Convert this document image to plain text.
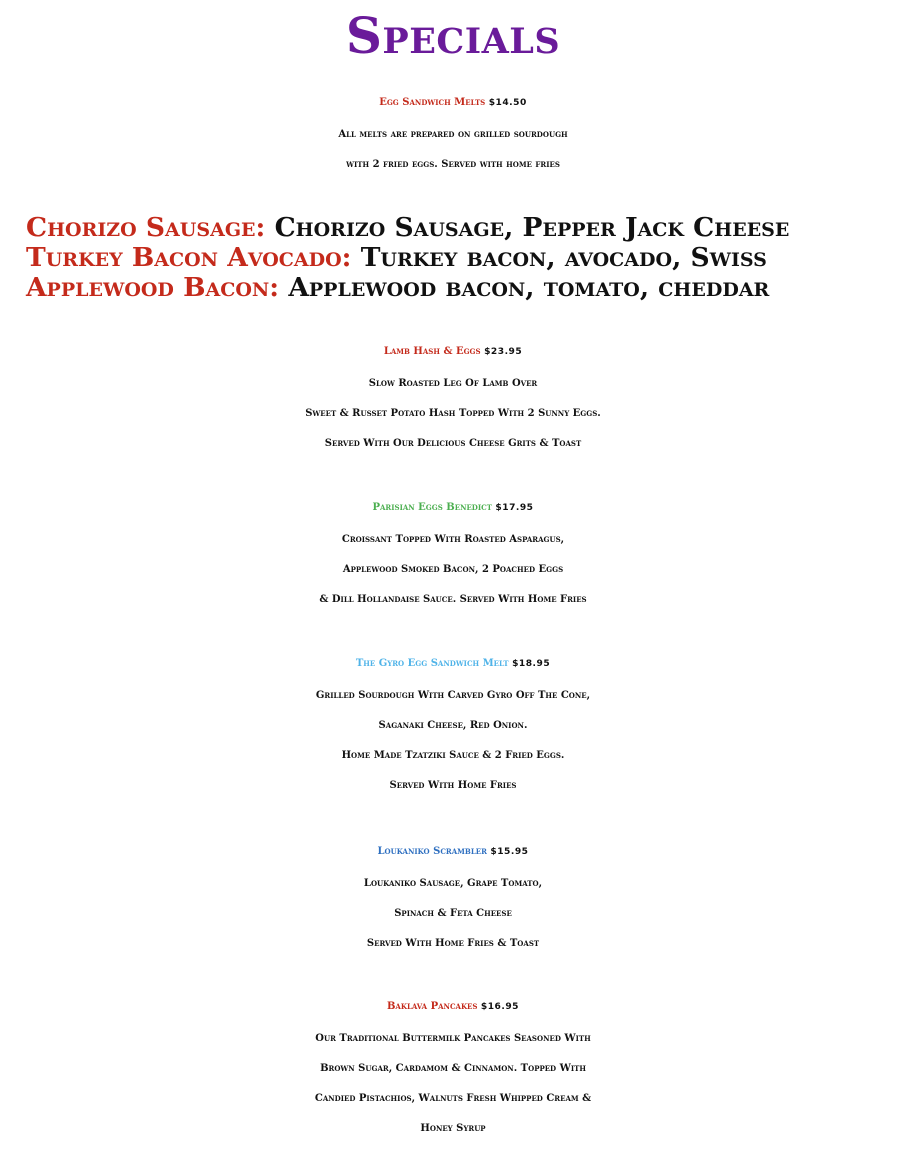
Specials
Egg Sandwich Melts $14.50
All melts are prepared on grilled sourdough
with 2 fried eggs. Served with home fries
Chorizo Sausage: Chorizo Sausage, Pepper Jack Cheese
Turkey Bacon Avocado: Turkey bacon, avocado, Swiss
Applewood Bacon: Applewood bacon, tomato, cheddar
Lamb Hash & Eggs $23.95
Slow Roasted Leg Of Lamb Over
Sweet & Russet Potato Hash Topped With 2 Sunny Eggs.
Served With Our Delicious Cheese Grits & Toast
Parisian Eggs Benedict $17.95
Croissant Topped With Roasted Asparagus,
Applewood Smoked Bacon, 2 Poached Eggs
& Dill Hollandaise Sauce. Served With Home Fries
The Gyro Egg Sandwich Melt $18.95
Grilled Sourdough With Carved Gyro Off The Cone,
Saganaki Cheese, Red Onion.
Home Made Tzatziki Sauce & 2 Fried Eggs.
Served With Home Fries
Loukaniko Scrambler $15.95
Loukaniko Sausage, Grape Tomato,
Spinach & Feta Cheese
Served With Home Fries & Toast
Baklava Pancakes $16.95
Our Traditional Buttermilk Pancakes Seasoned With
Brown Sugar, Cardamom & Cinnamon. Topped With
Candied Pistachios, Walnuts Fresh Whipped Cream &
Honey Syrup
